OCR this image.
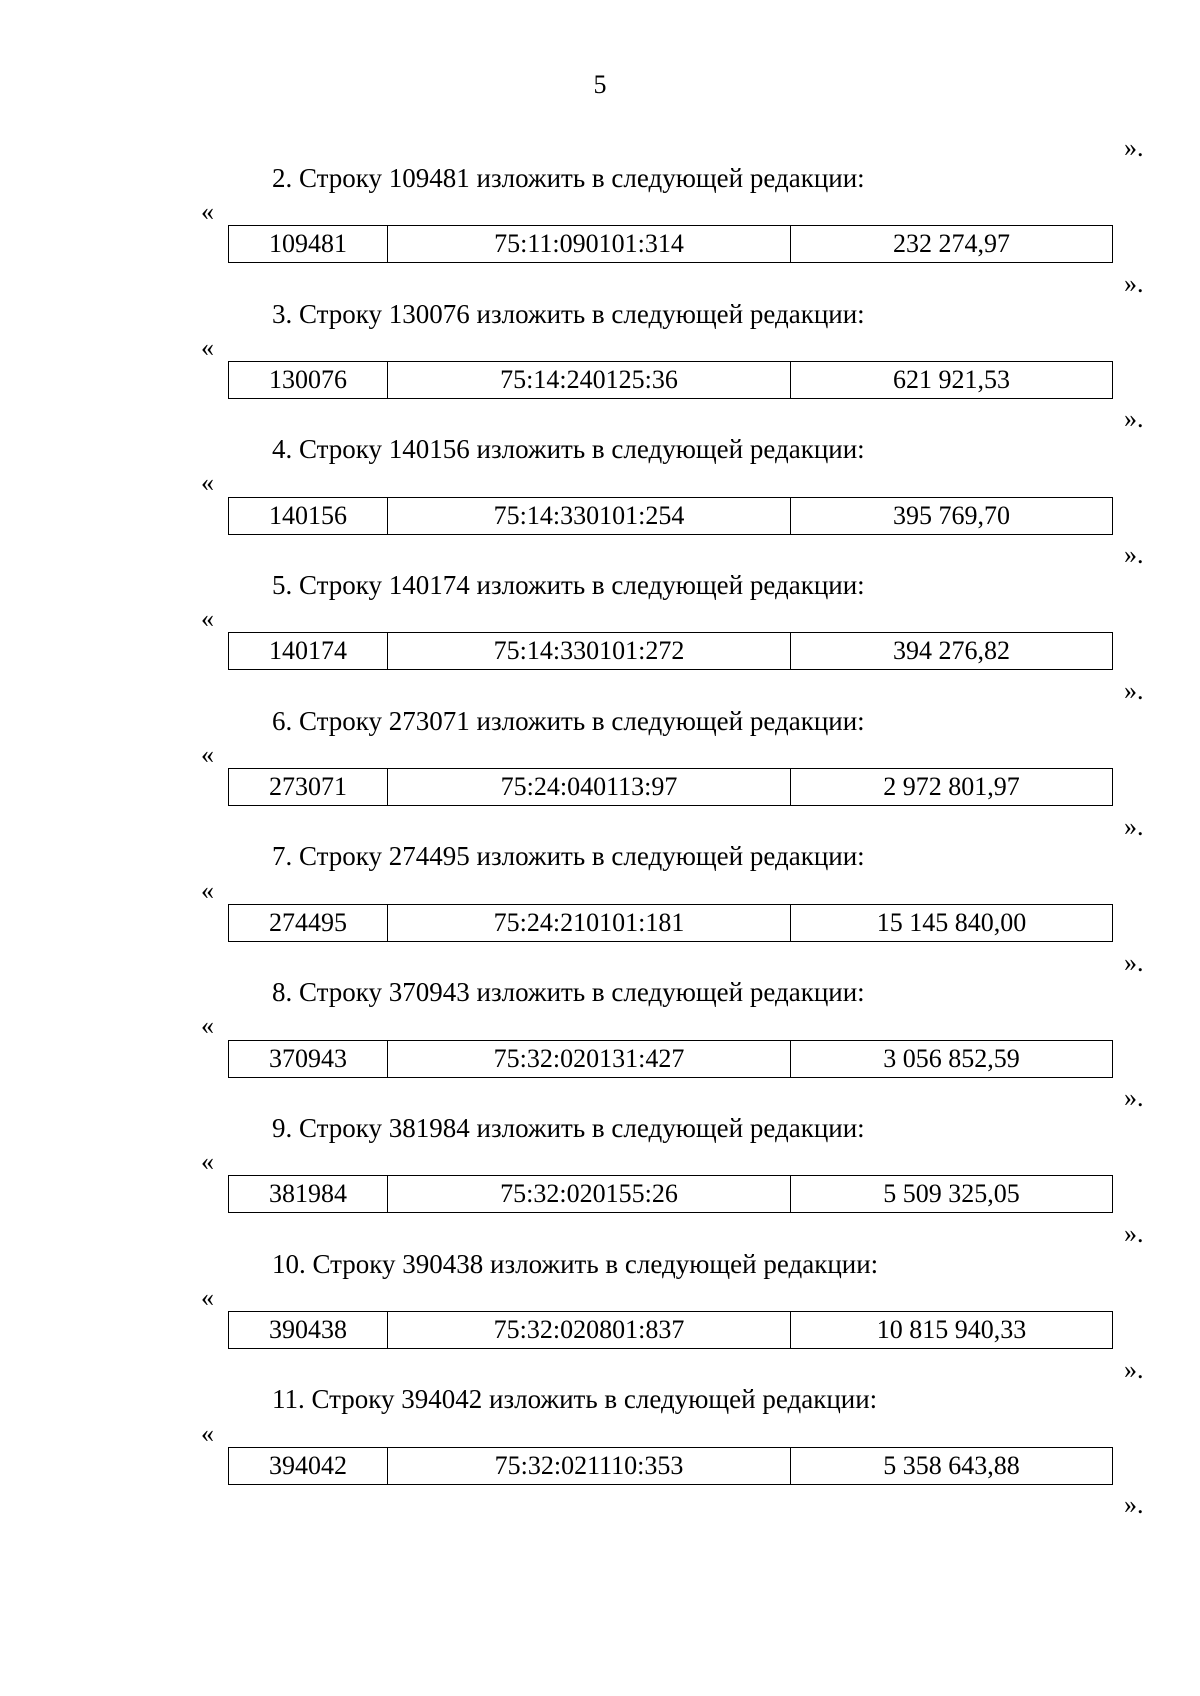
5
».
2. Строку 109481 изложить в следующей редакции:
«
109481	75:11:090101:314	232 274,97
».
3. Строку 130076 изложить в следующей редакции:
«
130076	75:14:240125:36	621 921,53
».
4. Строку 140156 изложить в следующей редакции:
«
140156	75:14:330101:254	395 769,70
».
5. Строку 140174 изложить в следующей редакции:
«
140174	75:14:330101:272	394 276,82
».
6. Строку 273071 изложить в следующей редакции:
«
273071	75:24:040113:97	2 972 801,97
».
7. Строку 274495 изложить в следующей редакции:
«
274495	75:24:210101:181	15 145 840,00
».
8. Строку 370943 изложить в следующей редакции:
«
370943	75:32:020131:427	3 056 852,59
».
9. Строку 381984 изложить в следующей редакции:
«
381984	75:32:020155:26	5 509 325,05
».
10. Строку 390438 изложить в следующей редакции:
«
390438	75:32:020801:837	10 815 940,33
».
11. Строку 394042 изложить в следующей редакции:
«
394042	75:32:021110:353	5 358 643,88
».
